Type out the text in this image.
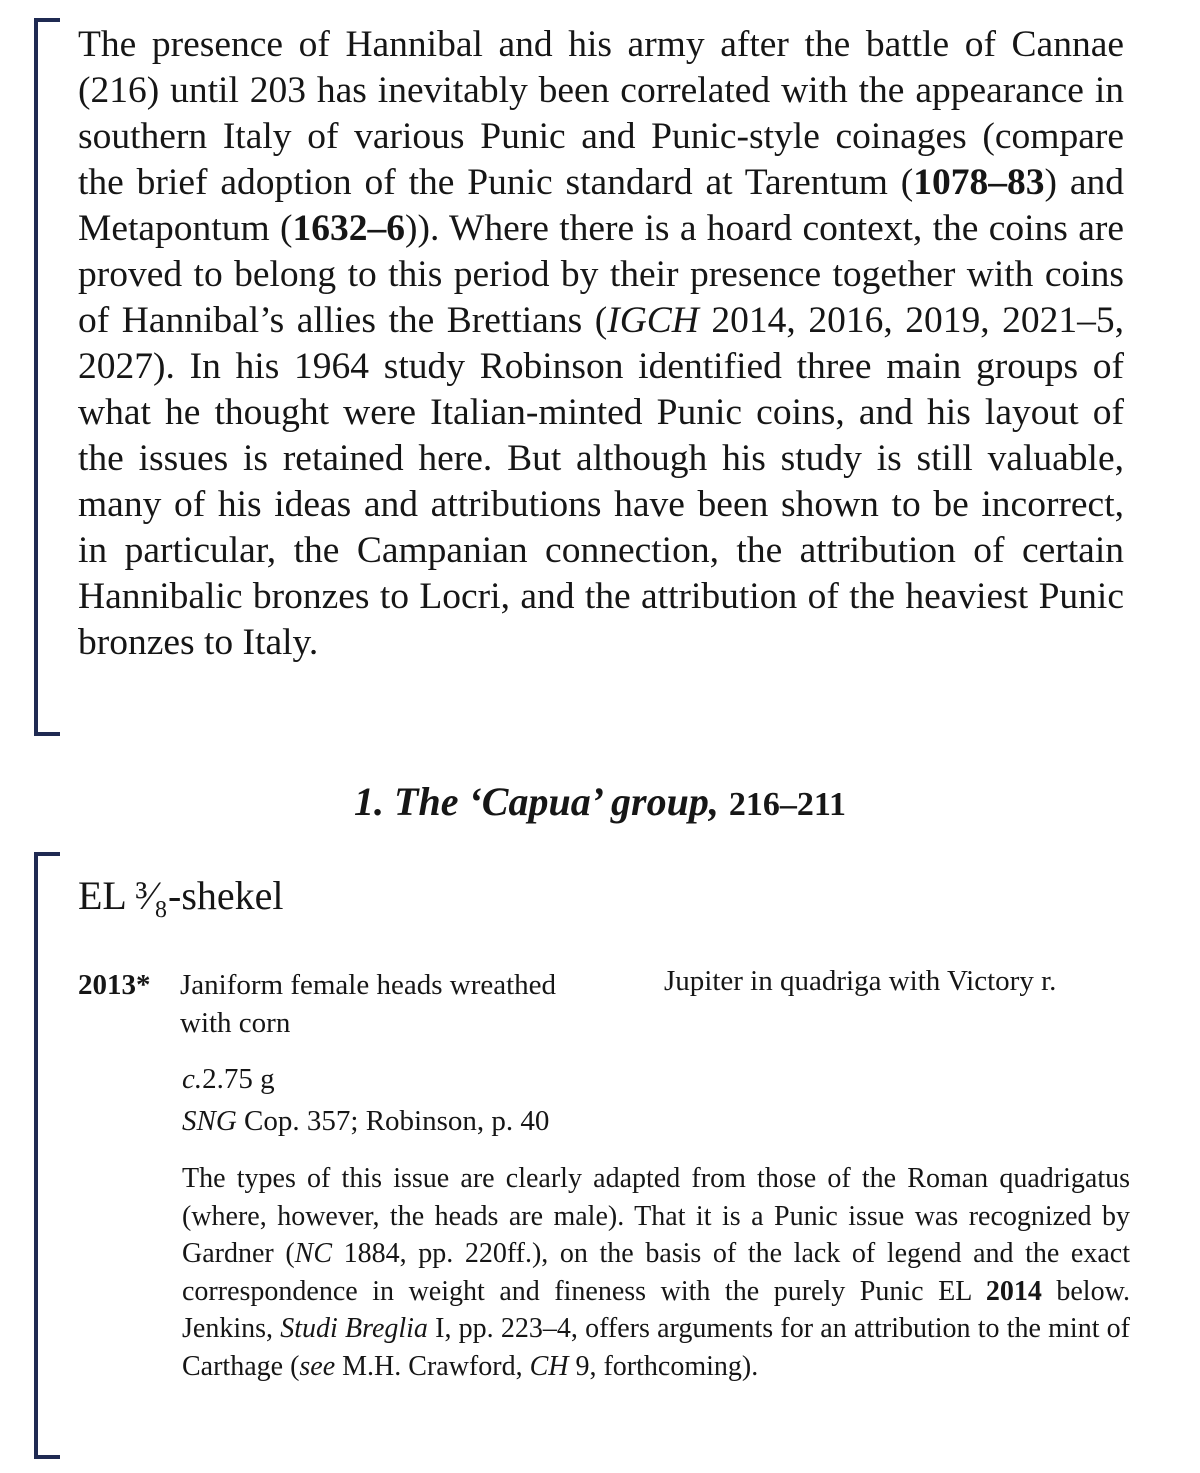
The presence of Hannibal and his army after the battle of Cannae (216) until 203 has inevitably been correlated with the appearance in southern Italy of various Punic and Punic-style coinages (compare the brief adoption of the Punic standard at Tarentum (1078–83) and Metapontum (1632–6)). Where there is a hoard context, the coins are proved to belong to this period by their presence together with coins of Hannibal’s allies the Brettians (IGCH 2014, 2016, 2019, 2021–5, 2027). In his 1964 study Robinson identified three main groups of what he thought were Italian-minted Punic coins, and his layout of the issues is retained here. But although his study is still valuable, many of his ideas and attributions have been shown to be incorrect, in particular, the Campanian connection, the attribution of certain Hannibalic bronzes to Locri, and the attribution of the heaviest Punic bronzes to Italy.

1. The ‘Capua’ group, 216–211
EL ³⁄₈-shekel
2013* Janiform female heads wreathed with corn
Jupiter in quadriga with Victory r.
c.2.75 g
SNG Cop. 357; Robinson, p. 40

The types of this issue are clearly adapted from those of the Roman quadrigatus (where, however, the heads are male). That it is a Punic issue was recognized by Gardner (NC 1884, pp. 220ff.), on the basis of the lack of legend and the exact correspondence in weight and fineness with the purely Punic EL 2014 below. Jenkins, Studi Breglia I, pp. 223–4, offers arguments for an attribution to the mint of Carthage (see M.H. Crawford, CH 9, forthcoming).
